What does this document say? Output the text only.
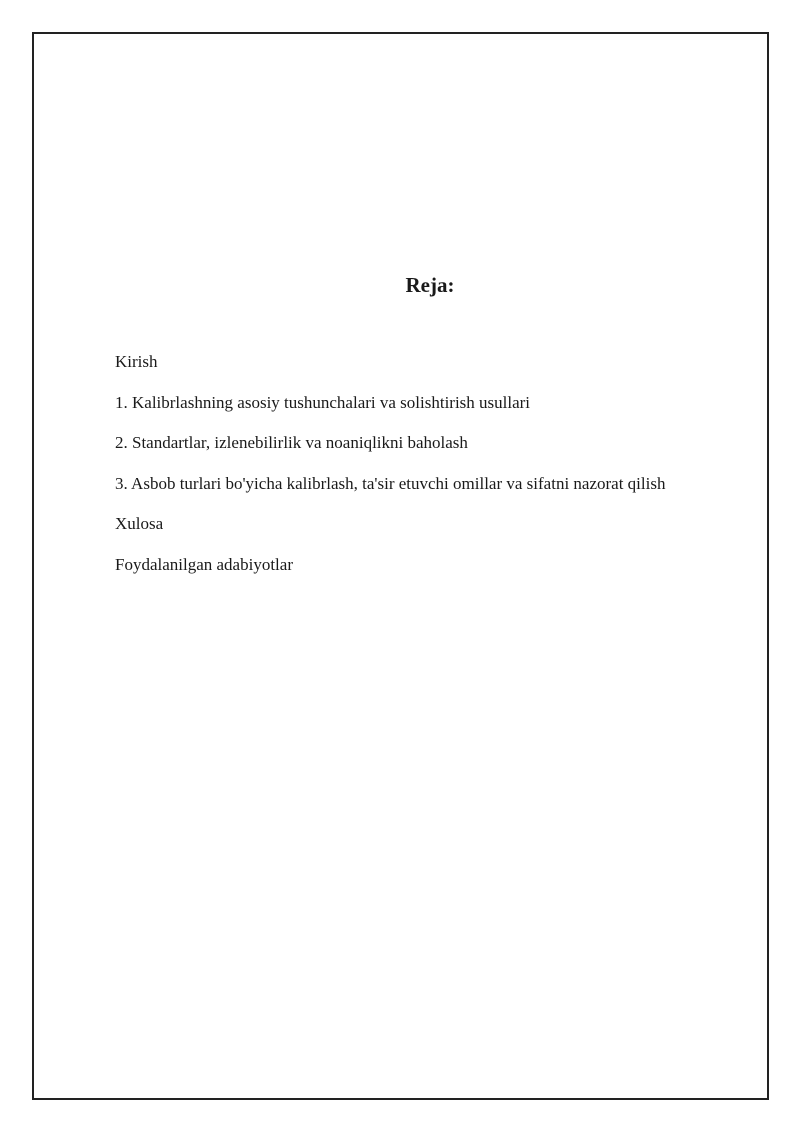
Reja:
Kirish
1. Kalibrlashning asosiy tushunchalari va solishtirish usullari
2. Standartlar, izlenebilirlik va noaniqlikni baholash
3. Asbob turlari bo'yicha kalibrlash, ta'sir etuvchi omillar va sifatni nazorat qilish
Xulosa
Foydalanilgan adabiyotlar
